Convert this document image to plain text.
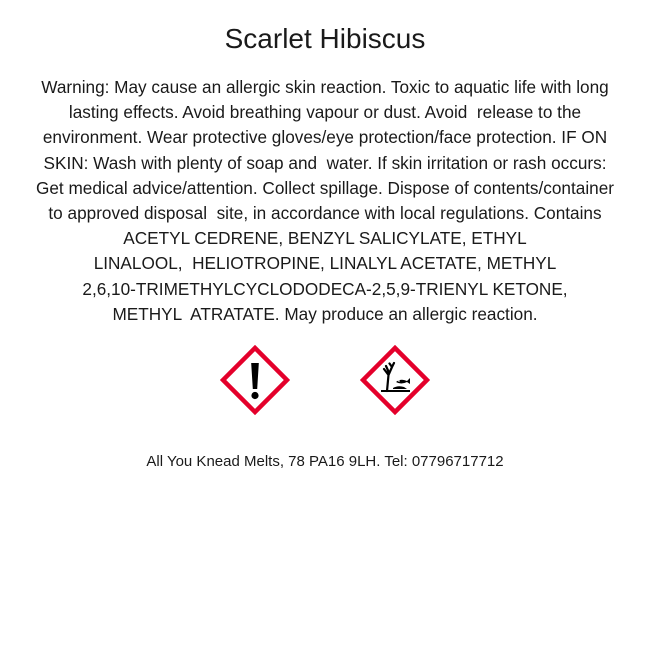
Scarlet Hibiscus
Warning: May cause an allergic skin reaction. Toxic to aquatic life with long
lasting effects. Avoid breathing vapour or dust. Avoid  release to the
environment. Wear protective gloves/eye protection/face protection. IF ON
SKIN: Wash with plenty of soap and  water. If skin irritation or rash occurs:
Get medical advice/attention. Collect spillage. Dispose of contents/container
to approved disposal  site, in accordance with local regulations. Contains
ACETYL CEDRENE, BENZYL SALICYLATE, ETHYL
LINALOOL,  HELIOTROPINE, LINALYL ACETATE, METHYL
2,6,10-TRIMETHYLCYCLODODECA-2,5,9-TRIENYL KETONE,
METHYL  ATRATATE. May produce an allergic reaction.

All You Knead Melts, 78 PA16 9LH. Tel: 07796717712
